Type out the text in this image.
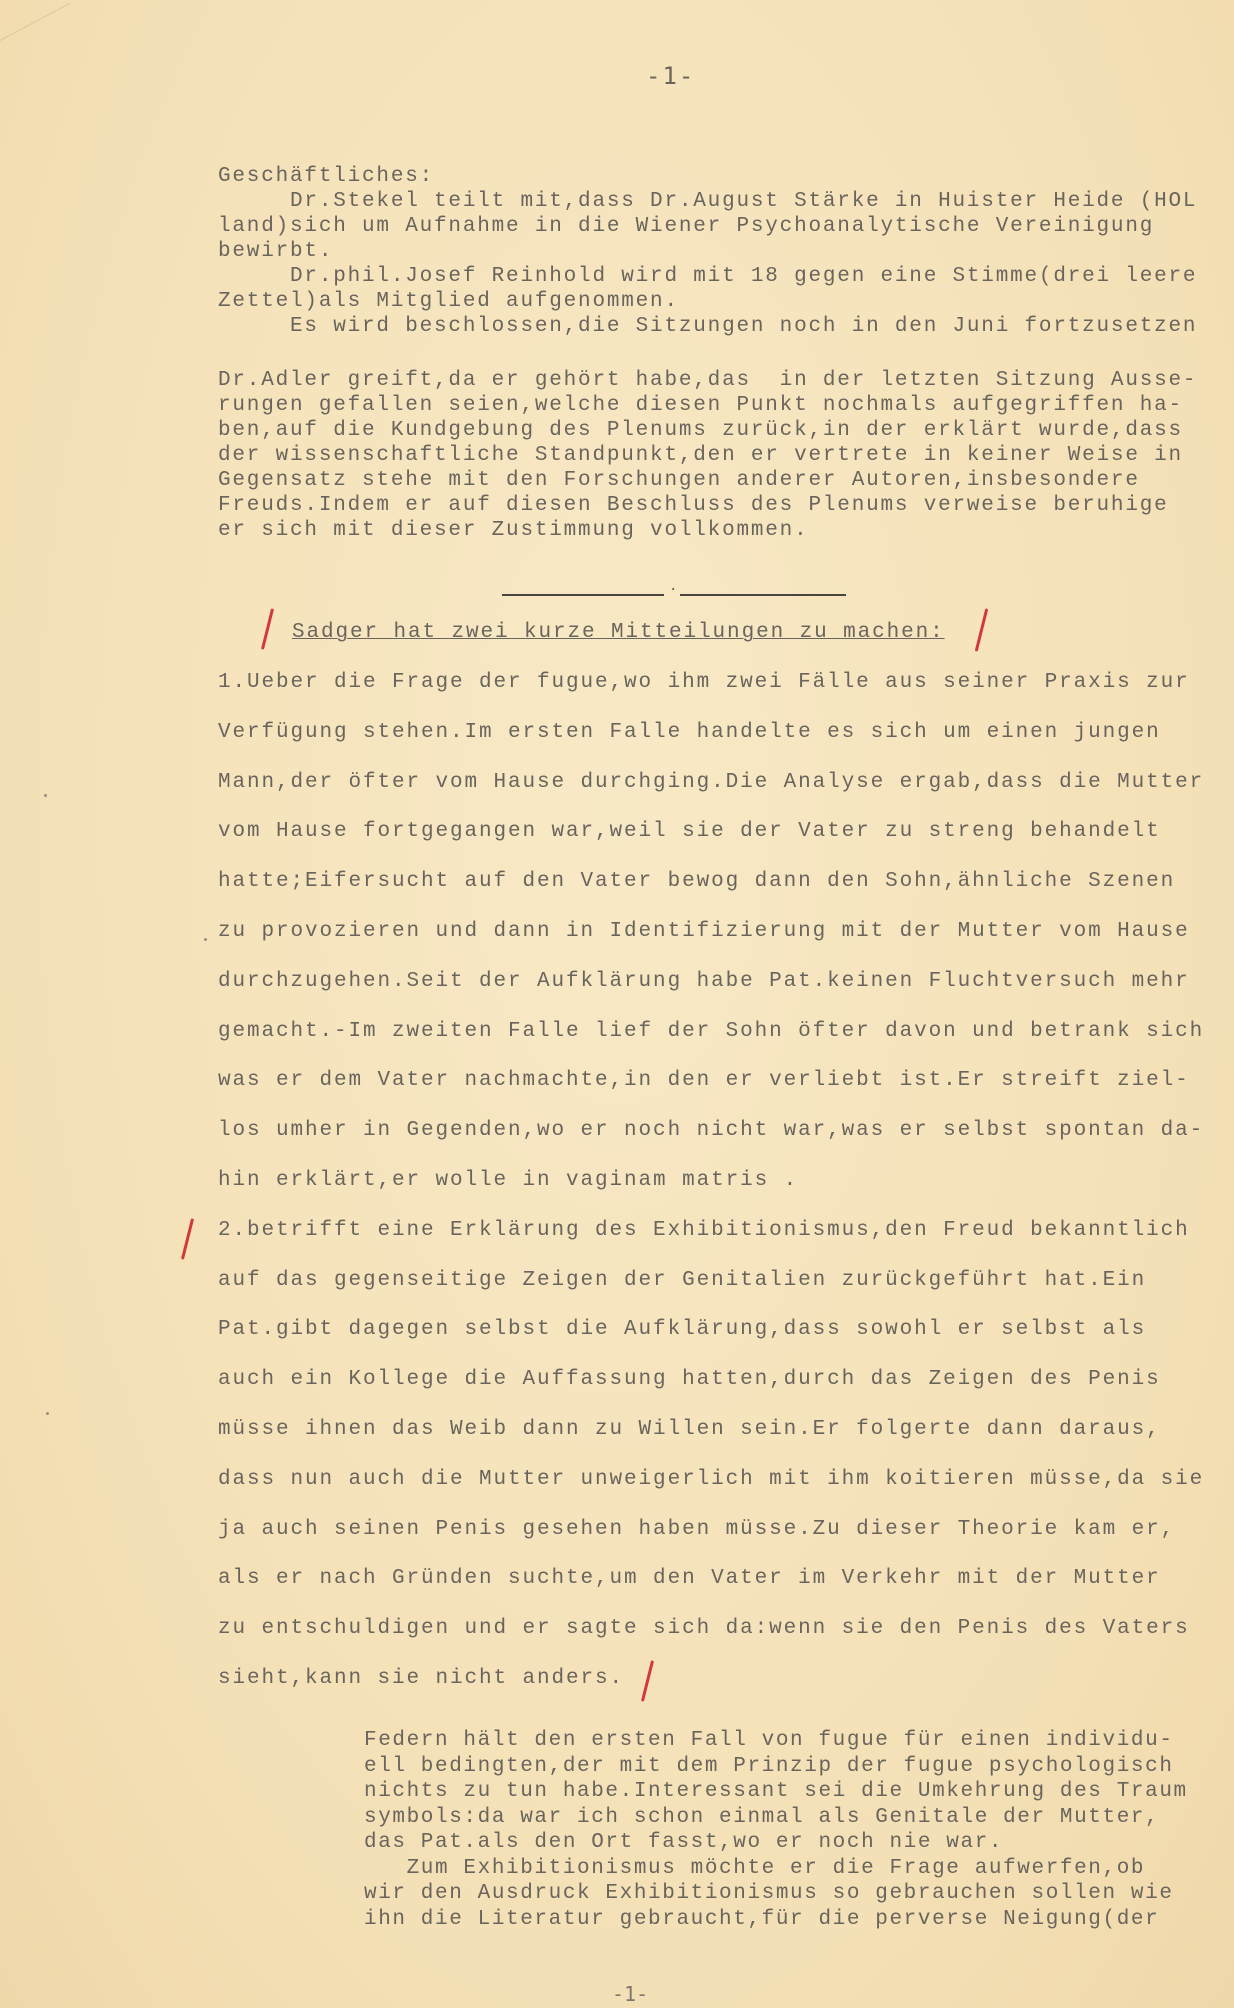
-1-
Geschäftliches:
Dr.Stekel teilt mit,dass Dr.August Stärke in Huister Heide (HOL
land)sich um Aufnahme in die Wiener Psychoanalytische Vereinigung
bewirbt.
Dr.phil.Josef Reinhold wird mit 18 gegen eine Stimme(drei leere
Zettel)als Mitglied aufgenommen.
Es wird beschlossen,die Sitzungen noch in den Juni fortzusetzen
Dr.Adler greift,da er gehört habe,das  in der letzten Sitzung Ausse-
rungen gefallen seien,welche diesen Punkt nochmals aufgegriffen ha-
ben,auf die Kundgebung des Plenums zurück,in der erklärt wurde,dass
der wissenschaftliche Standpunkt,den er vertrete in keiner Weise in
Gegensatz stehe mit den Forschungen anderer Autoren,insbesondere
Freuds.Indem er auf diesen Beschluss des Plenums verweise beruhige
er sich mit dieser Zustimmung vollkommen.
.
Sadger hat zwei kurze Mitteilungen zu machen:
1.Ueber die Frage der fugue,wo ihm zwei Fälle aus seiner Praxis zur
Verfügung stehen.Im ersten Falle handelte es sich um einen jungen
Mann,der öfter vom Hause durchging.Die Analyse ergab,dass die Mutter
vom Hause fortgegangen war,weil sie der Vater zu streng behandelt
hatte;Eifersucht auf den Vater bewog dann den Sohn,ähnliche Szenen
zu provozieren und dann in Identifizierung mit der Mutter vom Hause
durchzugehen.Seit der Aufklärung habe Pat.keinen Fluchtversuch mehr
gemacht.-Im zweiten Falle lief der Sohn öfter davon und betrank sich
was er dem Vater nachmachte,in den er verliebt ist.Er streift ziel-
los umher in Gegenden,wo er noch nicht war,was er selbst spontan da-
hin erklärt,er wolle in vaginam matris .
2.betrifft eine Erklärung des Exhibitionismus,den Freud bekanntlich
auf das gegenseitige Zeigen der Genitalien zurückgeführt hat.Ein
Pat.gibt dagegen selbst die Aufklärung,dass sowohl er selbst als
auch ein Kollege die Auffassung hatten,durch das Zeigen des Penis
müsse ihnen das Weib dann zu Willen sein.Er folgerte dann daraus,
dass nun auch die Mutter unweigerlich mit ihm koitieren müsse,da sie
ja auch seinen Penis gesehen haben müsse.Zu dieser Theorie kam er,
als er nach Gründen suchte,um den Vater im Verkehr mit der Mutter
zu entschuldigen und er sagte sich da:wenn sie den Penis des Vaters
sieht,kann sie nicht anders.
Federn hält den ersten Fall von fugue für einen individu-
ell bedingten,der mit dem Prinzip der fugue psychologisch
nichts zu tun habe.Interessant sei die Umkehrung des Traum
symbols:da war ich schon einmal als Genitale der Mutter,
das Pat.als den Ort fasst,wo er noch nie war.
Zum Exhibitionismus möchte er die Frage aufwerfen,ob
wir den Ausdruck Exhibitionismus so gebrauchen sollen wie
ihn die Literatur gebraucht,für die perverse Neigung(der
-1-
